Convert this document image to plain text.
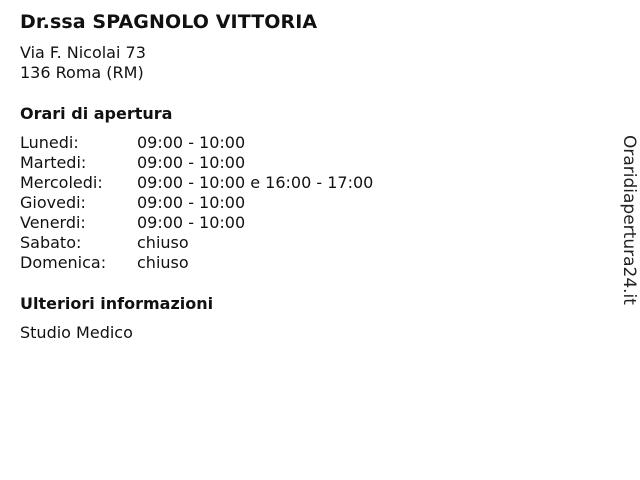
Dr.ssa SPAGNOLO VITTORIA
Via F. Nicolai 73
136 Roma (RM)
Orari di apertura
Lunedi:	09:00 - 10:00
Martedi:	09:00 - 10:00
Mercoledi:	09:00 - 10:00 e 16:00 - 17:00
Giovedi:	09:00 - 10:00
Venerdi:	09:00 - 10:00
Sabato:	chiuso
Domenica:	chiuso
Ulteriori informazioni
Studio Medico
Oraridiapertura24.it
